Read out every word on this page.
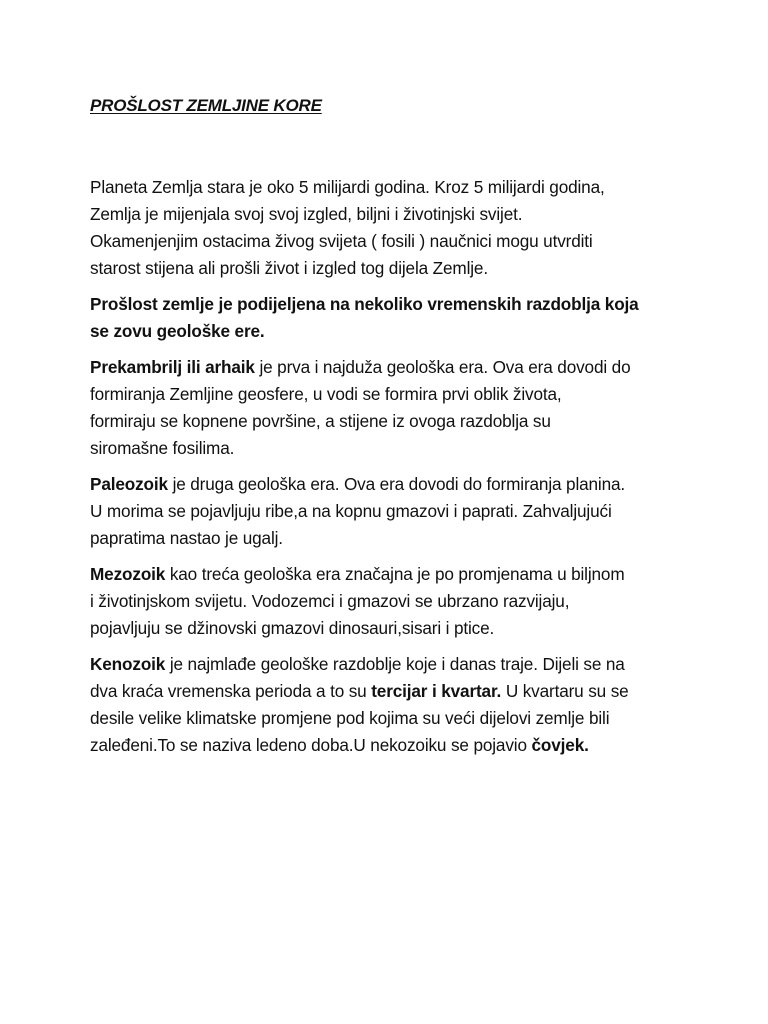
PROŠLOST ZEMLJINE KORE

Planeta Zemlja stara je oko 5 milijardi godina. Kroz 5 milijardi godina,
Zemlja je mijenjala svoj svoj izgled, biljni i životinjski svijet.
Okamenjenjim ostacima živog svijeta ( fosili ) naučnici mogu utvrditi
starost stijena ali prošli život i izgled tog dijela Zemlje.

Prošlost zemlje je podijeljena na nekoliko vremenskih razdoblja koja
se zovu geološke ere.

Prekambrilj ili arhaik je prva i najduža geološka era. Ova era dovodi do
formiranja Zemljine geosfere, u vodi se formira prvi oblik života,
formiraju se kopnene površine, a stijene iz ovoga razdoblja su
siromašne fosilima.

Paleozoik je druga geološka era. Ova era dovodi do formiranja planina.
U morima se pojavljuju ribe,a na kopnu gmazovi i paprati. Zahvaljujući
papratima nastao je ugalj.

Mezozoik kao treća geološka era značajna je po promjenama u biljnom
i životinjskom svijetu. Vodozemci i gmazovi se ubrzano razvijaju,
pojavljuju se džinovski gmazovi dinosauri,sisari i ptice.

Kenozoik je najmlađe geološke razdoblje koje i danas traje. Dijeli se na
dva kraća vremenska perioda a to su tercijar i kvartar. U kvartaru su se
desile velike klimatske promjene pod kojima su veći dijelovi zemlje bili
zaleđeni.To se naziva ledeno doba.U nekozoiku se pojavio čovjek.
